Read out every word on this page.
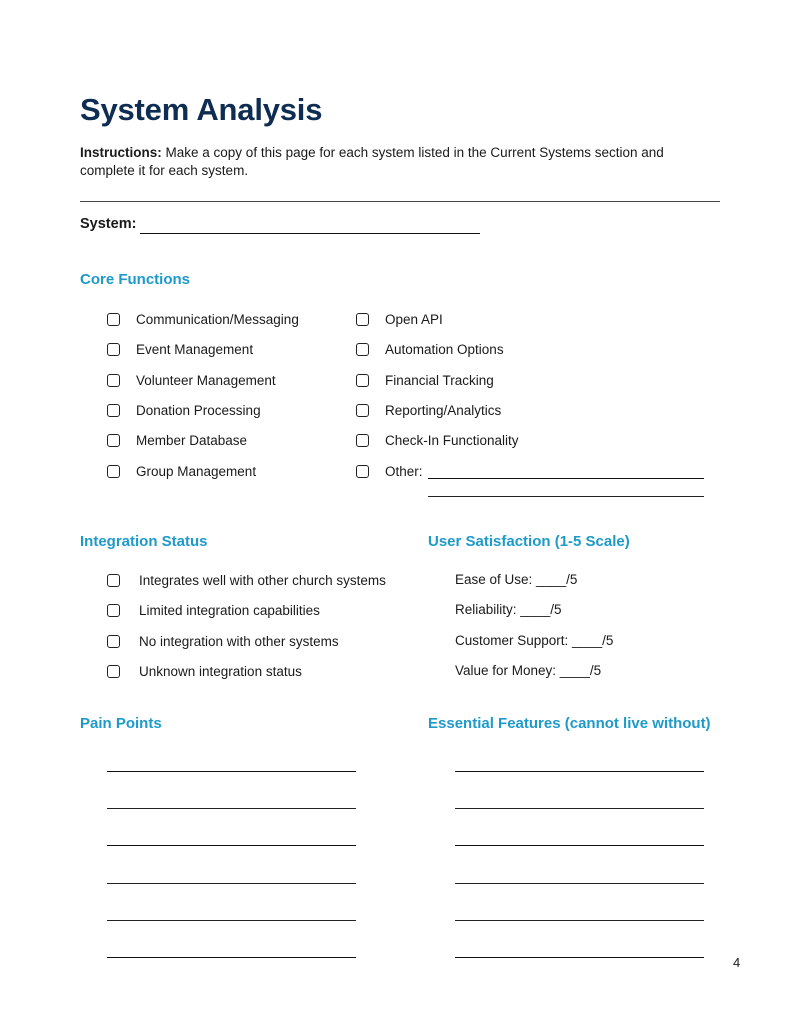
System Analysis
Instructions: Make a copy of this page for each system listed in the Current Systems section and complete it for each system.
System:
Core Functions
Communication/Messaging
Event Management
Volunteer Management
Donation Processing
Member Database
Group Management
Open API
Automation Options
Financial Tracking
Reporting/Analytics
Check-In Functionality
Other:
Integration Status
Integrates well with other church systems
Limited integration capabilities
No integration with other systems
Unknown integration status
User Satisfaction (1-5 Scale)
Ease of Use: ____/5
Reliability: ____/5
Customer Support: ____/5
Value for Money: ____/5
Pain Points	Essential Features (cannot live without)
4
